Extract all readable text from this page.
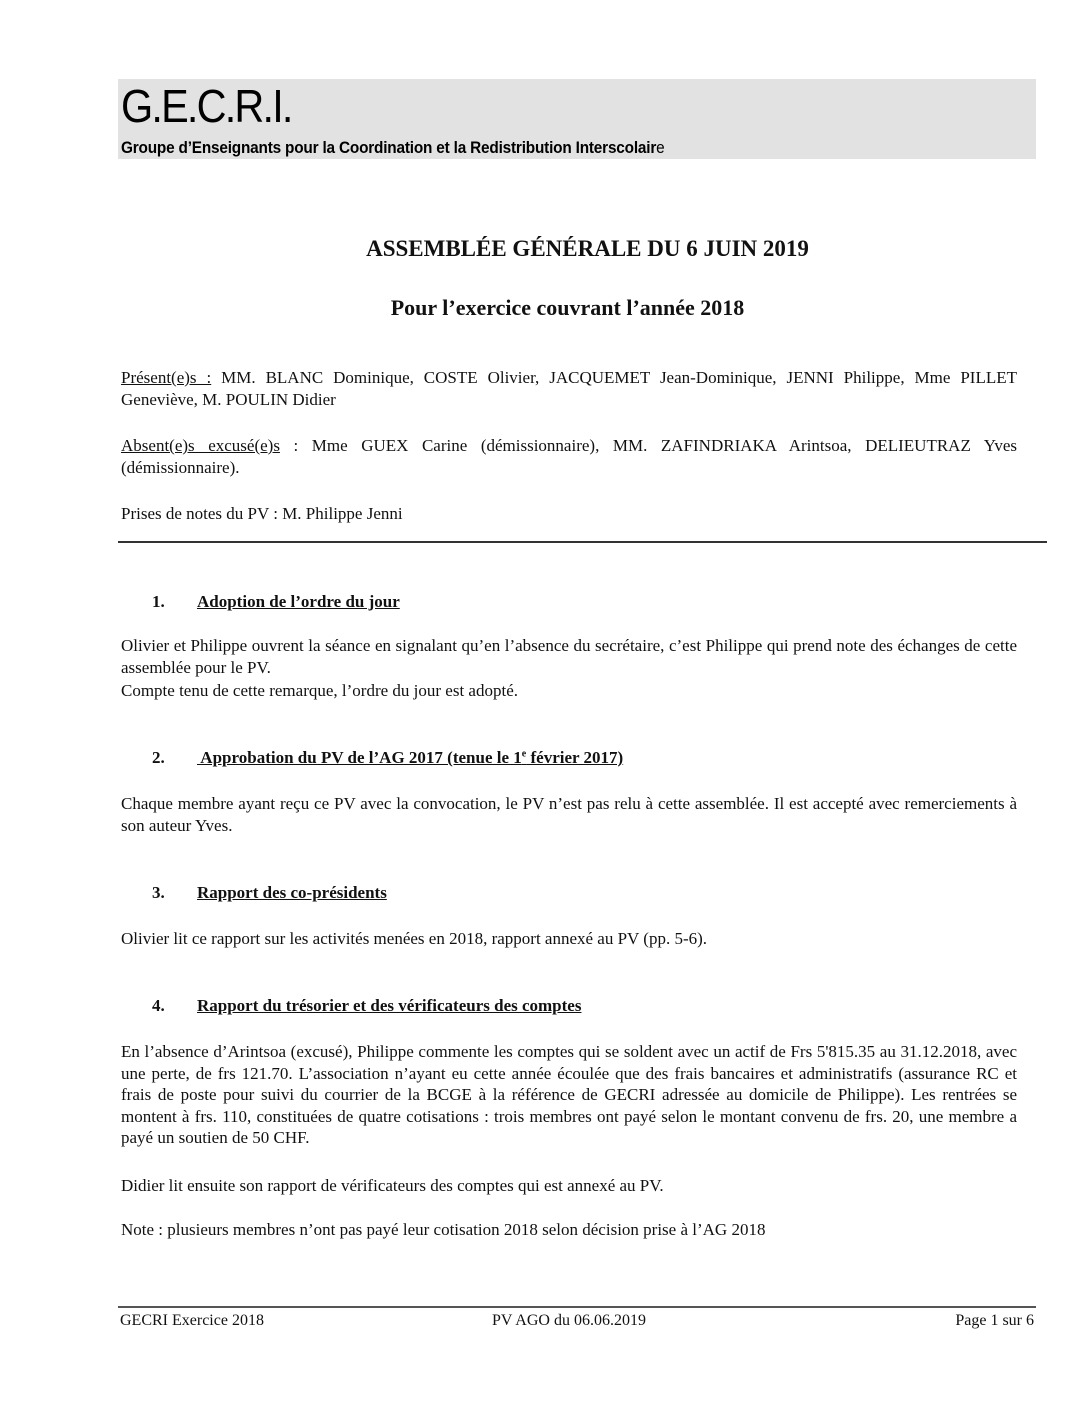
G.E.C.R.I.
Groupe d’Enseignants pour la Coordination et la Redistribution Interscolaire
ASSEMBLÉE GÉNÉRALE DU 6 JUIN 2019
Pour l’exercice couvrant l’année 2018
Présent(e)s : MM. BLANC Dominique, COSTE Olivier, JACQUEMET Jean-Dominique, JENNI Philippe, Mme PILLET Geneviève, M. POULIN Didier
Absent(e)s excusé(e)s : Mme GUEX Carine (démissionnaire), MM. ZAFINDRIAKA Arintsoa, DELIEUTRAZ Yves (démissionnaire).
Prises de notes du PV : M. Philippe Jenni
1. Adoption de l’ordre du jour
Olivier et Philippe ouvrent la séance en signalant qu’en l’absence du secrétaire, c’est Philippe qui prend note des échanges de cette assemblée pour le PV.
Compte tenu de cette remarque, l’ordre du jour est adopté.
2. Approbation du PV de l’AG 2017 (tenue le 1e février 2017)
Chaque membre ayant reçu ce PV avec la convocation, le PV n’est pas relu à cette assemblée. Il est accepté avec remerciements à son auteur Yves.
3. Rapport des co-présidents
Olivier lit ce rapport sur les activités menées en 2018, rapport annexé au PV (pp. 5-6).
4. Rapport du trésorier et des vérificateurs des comptes
En l’absence d’Arintsoa (excusé), Philippe commente les comptes qui se soldent avec un actif de Frs 5'815.35 au 31.12.2018, avec une perte, de frs 121.70. L’association n’ayant eu cette année écoulée que des frais bancaires et administratifs (assurance RC et frais de poste pour suivi du courrier de la BCGE à la référence de GECRI adressée au domicile de Philippe). Les rentrées se montent à frs. 110, constituées de quatre cotisations : trois membres ont payé selon le montant convenu de frs. 20, une membre a payé un soutien de 50 CHF.
Didier lit ensuite son rapport de vérificateurs des comptes qui est annexé au PV.
Note : plusieurs membres n’ont pas payé leur cotisation 2018 selon décision prise à l’AG 2018
GECRI Exercice 2018	PV AGO du 06.06.2019	Page 1 sur 6
